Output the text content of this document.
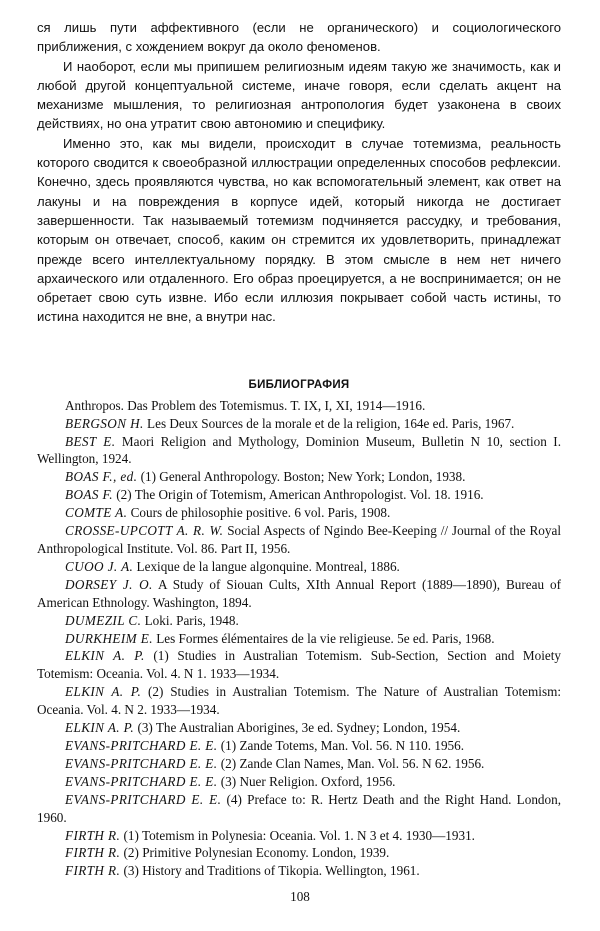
ся лишь пути аффективного (если не органического) и социологического приближения, с хождением вокруг да около феноменов.

И наоборот, если мы припишем религиозным идеям такую же значимость, как и любой другой концептуальной системе, иначе говоря, если сделать акцент на механизме мышления, то религиозная антропология будет узаконена в своих действиях, но она утратит свою автономию и специфику.

Именно это, как мы видели, происходит в случае тотемизма, реальность которого сводится к своеобразной иллюстрации определенных способов рефлексии. Конечно, здесь проявляются чувства, но как вспомогательный элемент, как ответ на лакуны и на повреждения в корпусе идей, который никогда не достигает завершенности. Так называемый тотемизм подчиняется рассудку, и требования, которым он отвечает, способ, каким он стремится их удовлетворить, принадлежат прежде всего интеллектуальному порядку. В этом смысле в нем нет ничего архаического или отдаленного. Его образ проецируется, а не воспринимается; он не обретает свою суть извне. Ибо если иллюзия покрывает собой часть истины, то истина находится не вне, а внутри нас.

БИБЛИОГРАФИЯ

Anthropos. Das Problem des Totemismus. T. IX, I, XI, 1914—1916.

BERGSON H. Les Deux Sources de la morale et de la religion, 164e ed. Paris, 1967.

BEST E. Maori Religion and Mythology, Dominion Museum, Bulletin N 10, section I. Wellington, 1924.

BOAS F., ed. (1) General Anthropology. Boston; New York; London, 1938.

BOAS F. (2) The Origin of Totemism, American Anthropologist. Vol. 18. 1916.

COMTE A. Cours de philosophie positive. 6 vol. Paris, 1908.

CROSSE-UPCOTT A. R. W. Social Aspects of Ngindo Bee-Keeping // Journal of the Royal Anthropological Institute. Vol. 86. Part II, 1956.

CUOO J. A. Lexique de la langue algonquine. Montreal, 1886.

DORSEY J. O. A Study of Siouan Cults, XIth Annual Report (1889—1890), Bureau of American Ethnology. Washington, 1894.

DUMEZIL C. Loki. Paris, 1948.

DURKHEIM E. Les Formes élémentaires de la vie religieuse. 5e ed. Paris, 1968.

ELKIN A. P. (1) Studies in Australian Totemism. Sub-Section, Section and Moiety Totemism: Oceania. Vol. 4. N 1. 1933—1934.

ELKIN A. P. (2) Studies in Australian Totemism. The Nature of Australian Totemism: Oceania. Vol. 4. N 2. 1933—1934.

ELKIN A. P. (3) The Australian Aborigines, 3e ed. Sydney; London, 1954.

EVANS-PRITCHARD E. E. (1) Zande Totems, Man. Vol. 56. N 110. 1956.

EVANS-PRITCHARD E. E. (2) Zande Clan Names, Man. Vol. 56. N 62. 1956.

EVANS-PRITCHARD E. E. (3) Nuer Religion. Oxford, 1956.

EVANS-PRITCHARD E. E. (4) Preface to: R. Hertz Death and the Right Hand. London, 1960.

FIRTH R. (1) Totemism in Polynesia: Oceania. Vol. 1. N 3 et 4. 1930—1931.

FIRTH R. (2) Primitive Polynesian Economy. London, 1939.

FIRTH R. (3) History and Traditions of Tikopia. Wellington, 1961.

108
